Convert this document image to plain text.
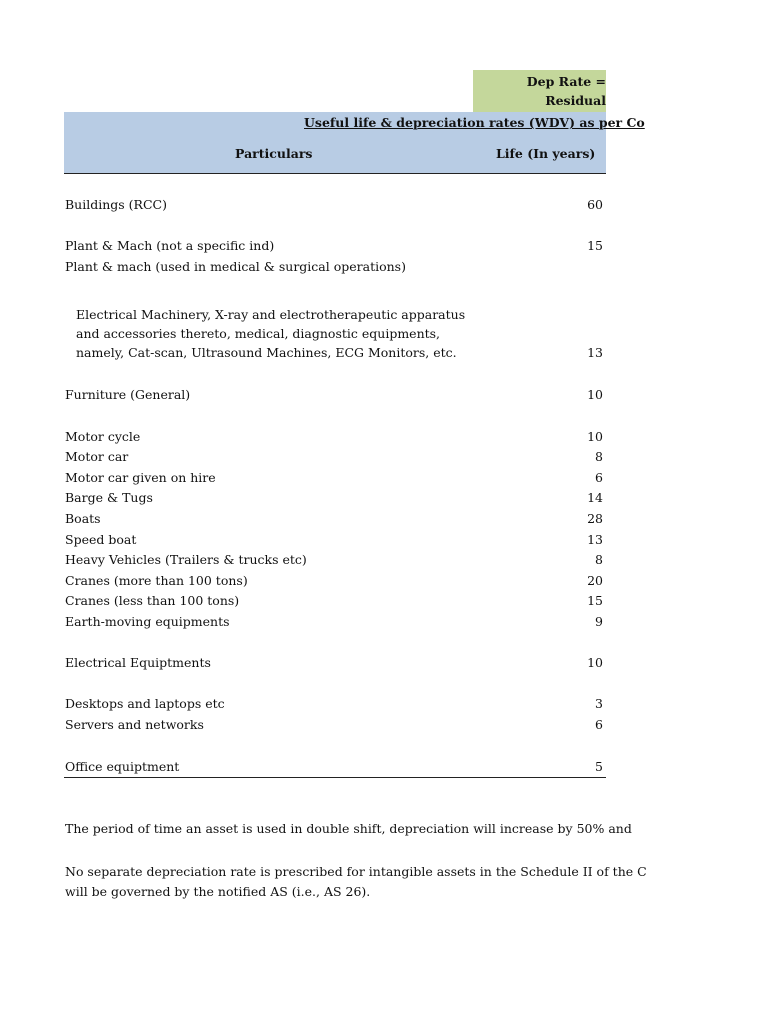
Dep Rate =
Residual
Useful life & depreciation rates (WDV) as per Co
Particulars	Life (In years)
Buildings (RCC)	60
Plant & Mach (not a specific ind)	15
Plant & mach (used in medical & surgical operations)
Electrical Machinery, X-ray and electrotherapeutic apparatus
and accessories thereto, medical, diagnostic equipments,
namely, Cat-scan, Ultrasound Machines, ECG Monitors, etc.	13
Furniture (General)	10
Motor cycle	10
Motor car	8
Motor car given on hire	6
Barge & Tugs	14
Boats	28
Speed boat	13
Heavy Vehicles (Trailers & trucks etc)	8
Cranes (more than 100 tons)	20
Cranes (less than 100 tons)	15
Earth-moving equipments	9
Electrical Equiptments	10
Desktops and laptops etc	3
Servers and networks	6
Office equiptment	5
The period of time an asset is used in double shift, depreciation will increase by 50% and
No separate depreciation rate is prescribed for intangible assets in the Schedule II of the C
will be governed by the notified AS (i.e., AS 26).
